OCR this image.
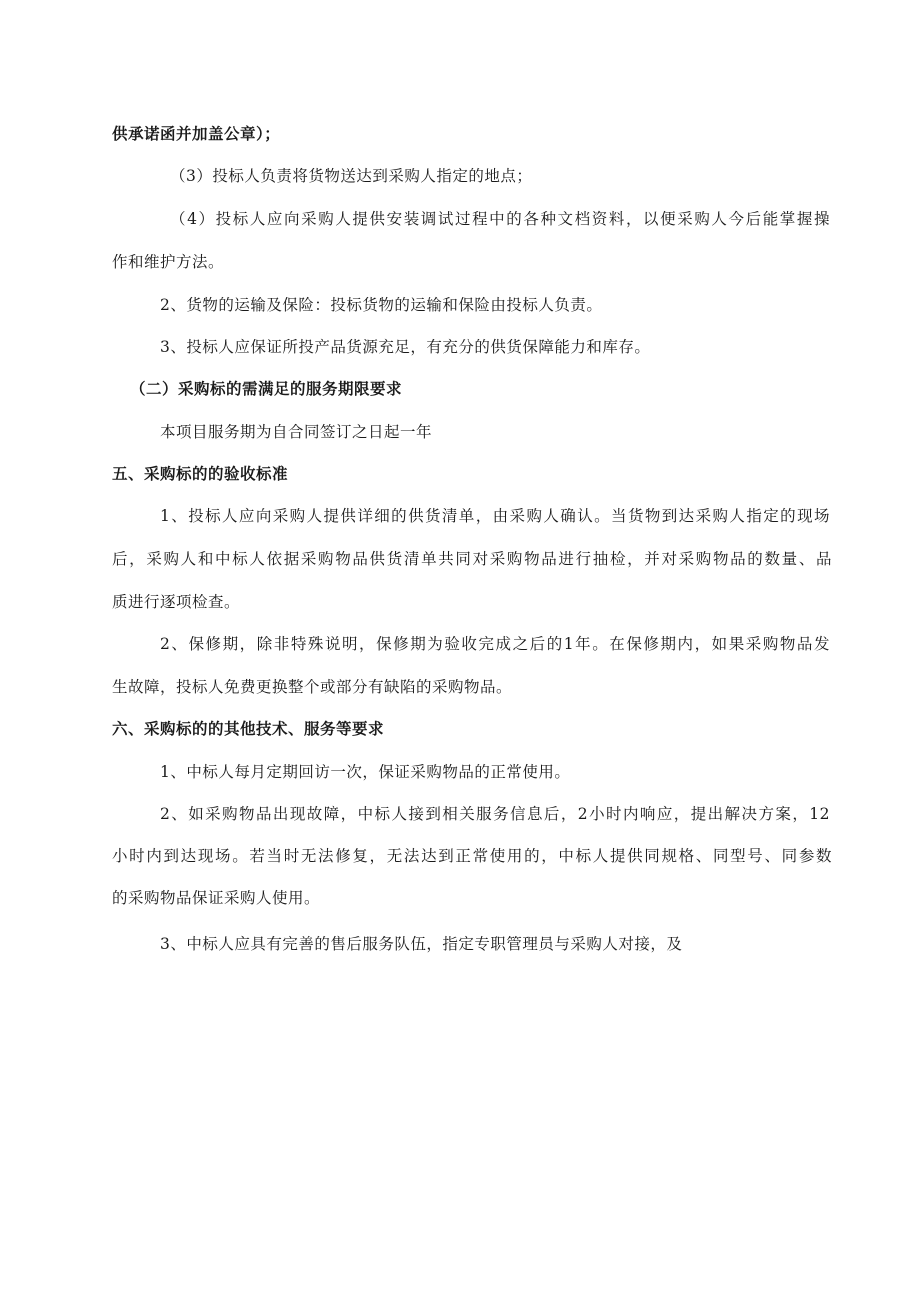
供承诺函并加盖公章）；
（3）投标人负责将货物送达到采购人指定的地点；
（4）投标人应向采购人提供安装调试过程中的各种文档资料，以便采购人今后能掌握操
作和维护方法。
2、货物的运输及保险：投标货物的运输和保险由投标人负责。
3、投标人应保证所投产品货源充足，有充分的供货保障能力和库存。
（二）采购标的需满足的服务期限要求
本项目服务期为自合同签订之日起一年
五、采购标的的验收标准
1、投标人应向采购人提供详细的供货清单，由采购人确认。当货物到达采购人指定的现场
后，采购人和中标人依据采购物品供货清单共同对采购物品进行抽检，并对采购物品的数量、品
质进行逐项检查。
2、保修期，除非特殊说明，保修期为验收完成之后的1年。在保修期内，如果采购物品发
生故障，投标人免费更换整个或部分有缺陷的采购物品。
六、采购标的的其他技术、服务等要求
1、中标人每月定期回访一次，保证采购物品的正常使用。
2、如采购物品出现故障，中标人接到相关服务信息后，2小时内响应，提出解决方案，12
小时内到达现场。若当时无法修复，无法达到正常使用的，中标人提供同规格、同型号、同参数
的采购物品保证采购人使用。
3、中标人应具有完善的售后服务队伍，指定专职管理员与采购人对接，及
